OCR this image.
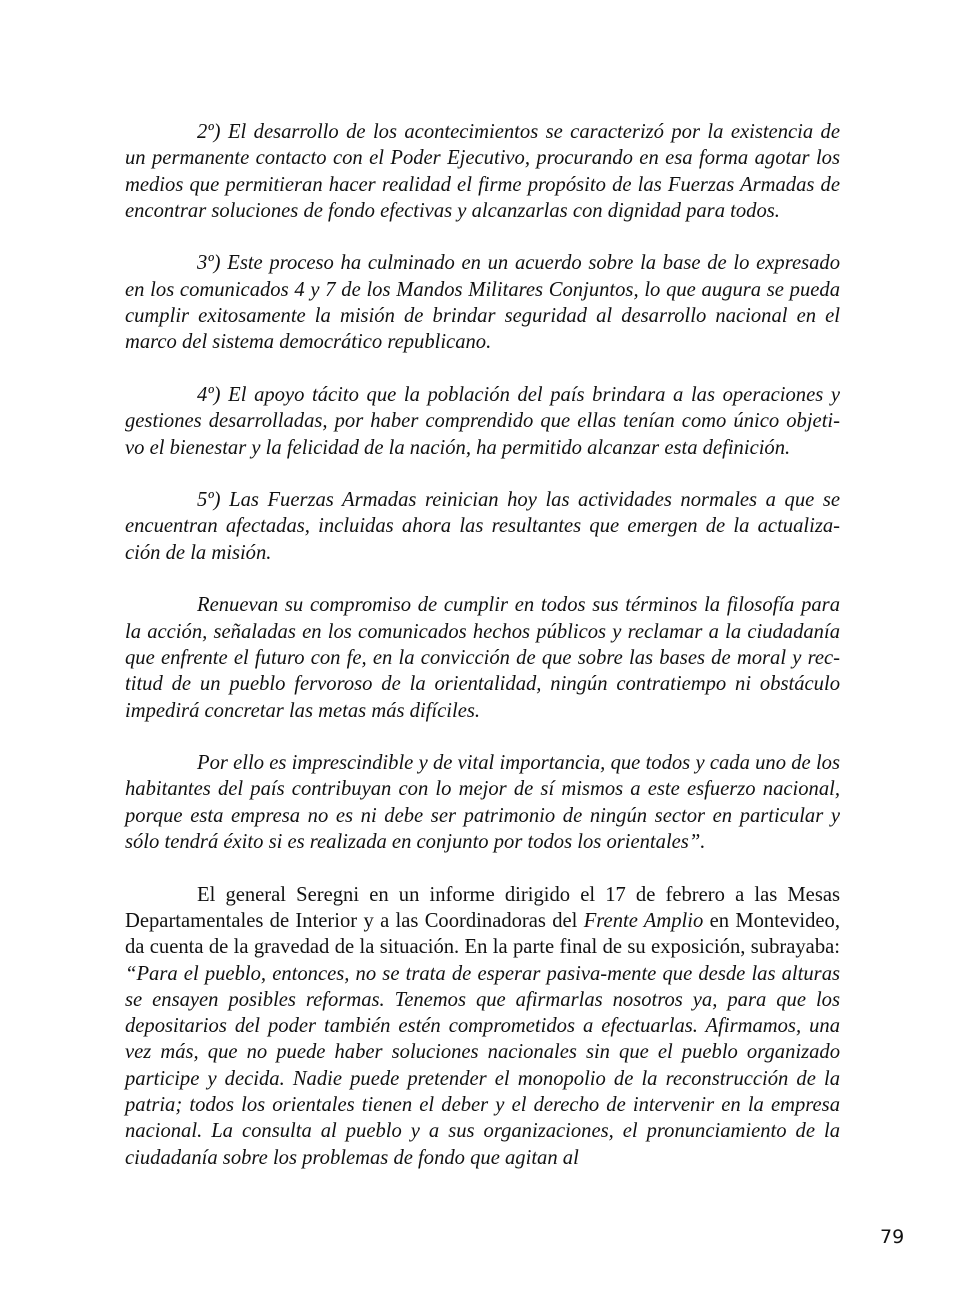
2º) El desarrollo de los acontecimientos se caracterizó por la existencia de un permanente contacto con el Poder Ejecutivo, procurando en esa forma agotar los medios que permitieran hacer realidad el firme propósito de las Fuerzas Armadas de encontrar soluciones de fondo efectivas y alcanzarlas con dignidad para todos.

3º) Este proceso ha culminado en un acuerdo sobre la base de lo expresado en los comunicados 4 y 7 de los Mandos Militares Conjuntos, lo que augura se pueda cumplir exitosamente la misión de brindar seguridad al desarrollo nacional en el marco del sistema democrático republicano.

4º) El apoyo tácito que la población del país brindara a las operaciones y gestiones desarrolladas, por haber comprendido que ellas tenían como único objeti-vo el bienestar y la felicidad de la nación, ha permitido alcanzar esta definición.

5º) Las Fuerzas Armadas reinician hoy las actividades normales a que se encuentran afectadas, incluidas ahora las resultantes que emergen de la actualiza-ción de la misión.

Renuevan su compromiso de cumplir en todos sus términos la filosofía para la acción, señaladas en los comunicados hechos públicos y reclamar a la ciudadanía que enfrente el futuro con fe, en la convicción de que sobre las bases de moral y rec-titud de un pueblo fervoroso de la orientalidad, ningún contratiempo ni obstáculo impedirá concretar las metas más difíciles.

Por ello es imprescindible y de vital importancia, que todos y cada uno de los habitantes del país contribuyan con lo mejor de sí mismos a este esfuerzo nacional, porque esta empresa no es ni debe ser patrimonio de ningún sector en particular y sólo tendrá éxito si es realizada en conjunto por todos los orientales”.

El general Seregni en un informe dirigido el 17 de febrero a las Mesas Departamentales de Interior y a las Coordinadoras del Frente Amplio en Montevideo, da cuenta de la gravedad de la situación. En la parte final de su exposición, subrayaba: “Para el pueblo, entonces, no se trata de esperar pasiva-mente que desde las alturas se ensayen posibles reformas. Tenemos que afirmarlas nosotros ya, para que los depositarios del poder también estén comprometidos a efectuarlas. Afirmamos, una vez más, que no puede haber soluciones nacionales sin que el pueblo organizado participe y decida. Nadie puede pretender el monopolio de la reconstrucción de la patria; todos los orientales tienen el deber y el derecho de intervenir en la empresa nacional. La consulta al pueblo y a sus organizaciones, el pronunciamiento de la ciudadanía sobre los problemas de fondo que agitan al

79
